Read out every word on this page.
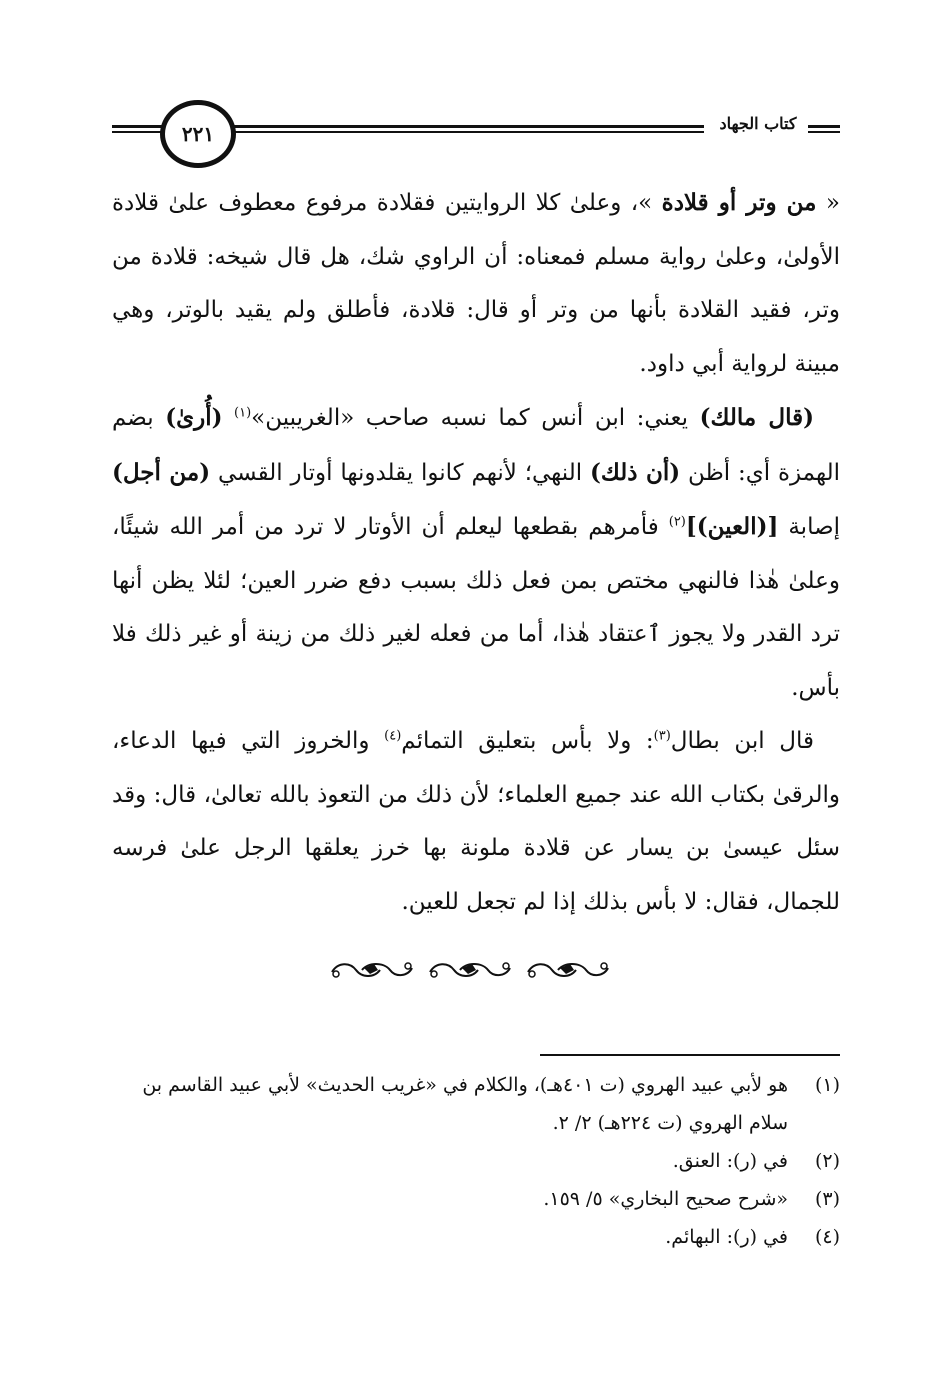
٢٢١	كتاب الجهاد

« من وتر أو قلادة »، وعلىٰ كلا الروايتين فقلادة مرفوع معطوف علىٰ قلادة الأولىٰ، وعلىٰ رواية مسلم فمعناه: أن الراوي شك، هل قال شيخه: قلادة من وتر، فقيد القلادة بأنها من وتر أو قال: قلادة، فأطلق ولم يقيد بالوتر، وهي مبينة لرواية أبي داود.

(قال مالك) يعني: ابن أنس كما نسبه صاحب «الغريبين»$^{(١)}$ (أُرىٰ) بضم الهمزة أي: أظن (أن ذلك) النهي؛ لأنهم كانوا يقلدونها أوتار القسي (من أجل) إصابة [(العين)]$^{(٢)}$ فأمرهم بقطعها ليعلم أن الأوتار لا ترد من أمر الله شيئًا، وعلىٰ هٰذا فالنهي مختص بمن فعل ذلك بسبب دفع ضرر العين؛ لئلا يظن أنها ترد القدر ولا يجوز ٱعتقاد هٰذا، أما من فعله لغير ذلك من زينة أو غير ذلك فلا بأس.

قال ابن بطال$^{(٣)}$: ولا بأس بتعليق التمائم$^{(٤)}$ والخروز التي فيها الدعاء، والرقىٰ بكتاب الله عند جميع العلماء؛ لأن ذلك من التعوذ بالله تعالىٰ، قال: وقد سئل عيسىٰ بن يسار عن قلادة ملونة بها خرز يعلقها الرجل علىٰ فرسه للجمال، فقال: لا بأس بذلك إذا لم تجعل للعين.

(١)
هو لأبي عبيد الهروي (ت ٤٠١هـ)، والكلام في «غريب الحديث» لأبي عبيد القاسم بن سلام الهروي (ت ٢٢٤هـ) ٢/ ٢.

(٢)
في (ر): العنق.

(٣)
«شرح صحيح البخاري» ٥/ ١٥٩.

(٤)
في (ر): البهائم.
